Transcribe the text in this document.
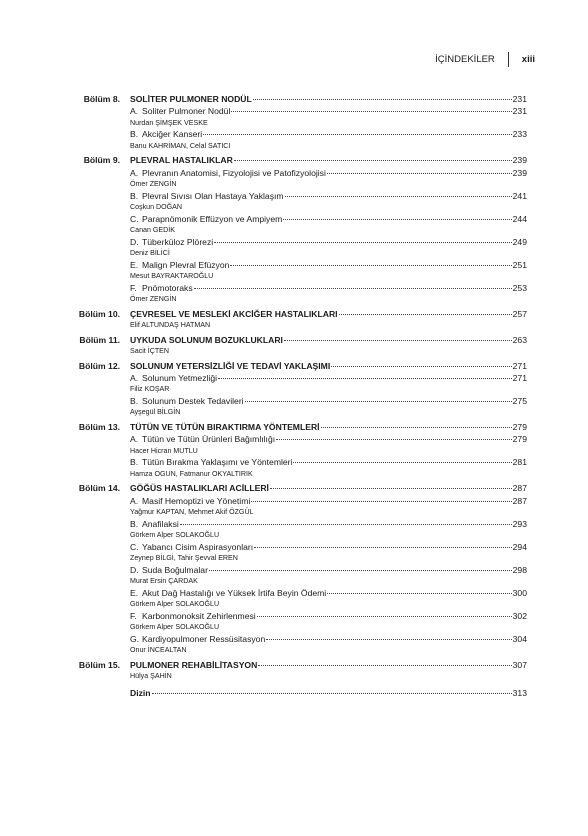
İÇİNDEKİLER	xiii
Bölüm 8. SOLİTER PULMONER NODÜL	231
A. Soliter Pulmoner Nodül	231
Nurdan ŞİMŞEK VESKE
B. Akciğer Kanseri	233
Banu KAHRİMAN, Celal SATICI
Bölüm 9. PLEVRAL HASTALIKLAR	239
A. Plevranın Anatomisi, Fizyolojisi ve Patofizyolojisi	239
Ömer ZENGİN
B. Plevral Sıvısı Olan Hastaya Yaklaşım	241
Coşkun DOĞAN
C. Parapnömonik Effüzyon ve Ampiyem	244
Canan GEDİK
D. Tüberküloz Plörezi	249
Deniz BİLİCİ
E. Malign Plevral Efüzyon	251
Mesut BAYRAKTAROĞLU
F. Pnömotoraks	253
Ömer ZENGİN
Bölüm 10. ÇEVRESEL VE MESLEKİ AKCİĞER HASTALIKLARI	257
Elif ALTUNDAŞ HATMAN
Bölüm 11. UYKUDA SOLUNUM BOZUKLUKLARI	263
Sacit İÇTEN
Bölüm 12. SOLUNUM YETERSİZLİĞİ VE TEDAVİ YAKLAŞIMI	271
A. Solunum Yetmezliği	271
Filiz KOŞAR
B. Solunum Destek Tedavileri	275
Ayşegül BİLGİN
Bölüm 13. TÜTÜN VE TÜTÜN BIRAKTIRMA YÖNTEMLERİ	279
A. Tütün ve Tütün Ürünleri Bağımlılığı	279
Hacer Hicran MUTLU
B. Tütün Bırakma Yaklaşımı ve Yöntemleri	281
Hamza OGUN, Fatmanur OKYALTIRIK
Bölüm 14. GÖĞÜS HASTALIKLARI ACİLLERİ	287
A. Masif Hemoptizi ve Yönetimi	287
Yağmur KAPTAN, Mehmet Akif ÖZGÜL
B. Anafilaksi	293
Görkem Alper SOLAKOĞLU
C. Yabancı Cisim Aspirasyonları	294
Zeynep BİLGİ, Tahir Şevval EREN
D. Suda Boğulmalar	298
Murat Ersin ÇARDAK
E. Akut Dağ Hastalığı ve Yüksek İrtifa Beyin Ödemi	300
Görkem Alper SOLAKOĞLU
F. Karbonmonoksit Zehirlenmesi	302
Görkem Alper SOLAKOĞLU
G. Kardiyopulmoner Ressüsitasyon	304
Onur İNCEALTAN
Bölüm 15. PULMONER REHABİLİTASYON	307
Hülya ŞAHİN
Dizin	313
